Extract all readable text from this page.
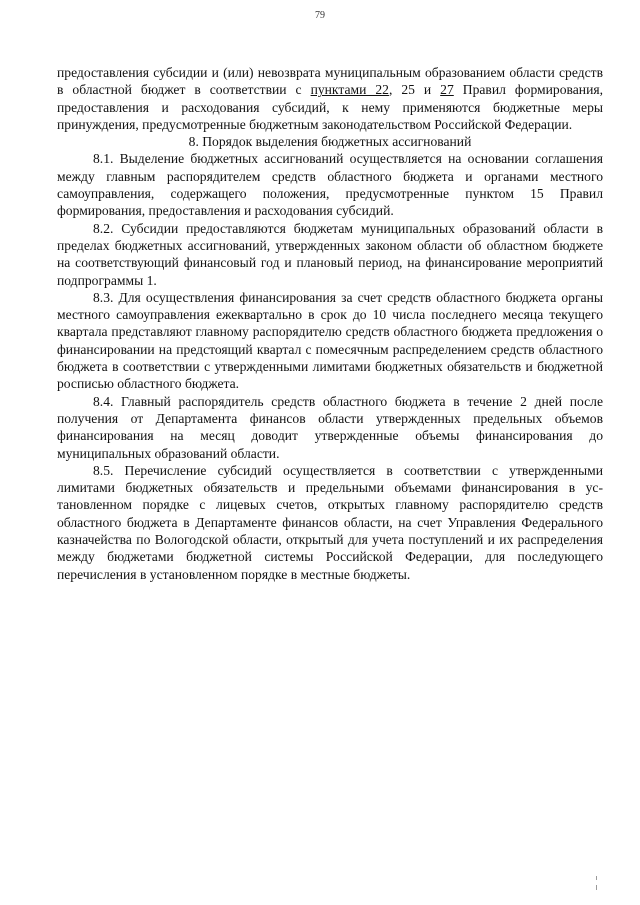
79

предоставления субсидии и (или) невозврата муниципальным образованием области средств в областной бюджет в соответствии с пунктами 22, 25 и 27 Правил формирования, предоставления и расходования субсидий, к нему применяются бюджетные меры принуждения, предусмотренные бюджетным законодательством Российской Федерации.

8. Порядок выделения бюджетных ассигнований

8.1. Выделение бюджетных ассигнований осуществляется на основании соглашения между главным распорядителем средств областного бюджета и органами местного самоуправления, содержащего положения, предусмотренные пунктом 15 Правил формирования, предоставления и расходования субсидий.

8.2. Субсидии предоставляются бюджетам муниципальных образований области в пределах бюджетных ассигнований, утвержденных законом области об областном бюджете на соответствующий финансовый год и плановый период, на финансирование мероприятий подпрограммы 1.

8.3. Для осуществления финансирования за счет средств областного бюджета органы местного самоуправления ежеквартально в срок до 10 числа последнего месяца текущего квартала представляют главному распорядителю средств областного бюджета предложения о финансировании на предстоящий квартал с помесячным распределением средств областного бюджета в соответствии с утвержденными лимитами бюджетных обязательств и бюджетной росписью областного бюджета.

8.4. Главный распорядитель средств областного бюджета в течение 2 дней после получения от Департамента финансов области утвержденных предельных объемов финансирования на месяц доводит утвержденные объемы финансирования до муниципальных образований области.

8.5. Перечисление субсидий осуществляется в соответствии с утвержденными лимитами бюджетных обязательств и предельными объемами финансирования в установленном порядке с лицевых счетов, открытых главному распорядителю средств областного бюджета в Департаменте финансов области, на счет Управления Федерального казначейства по Вологодской области, открытый для учета поступлений и их распределения между бюджетами бюджетной системы Российской Федерации, для последующего перечисления в установленном порядке в местные бюджеты.
